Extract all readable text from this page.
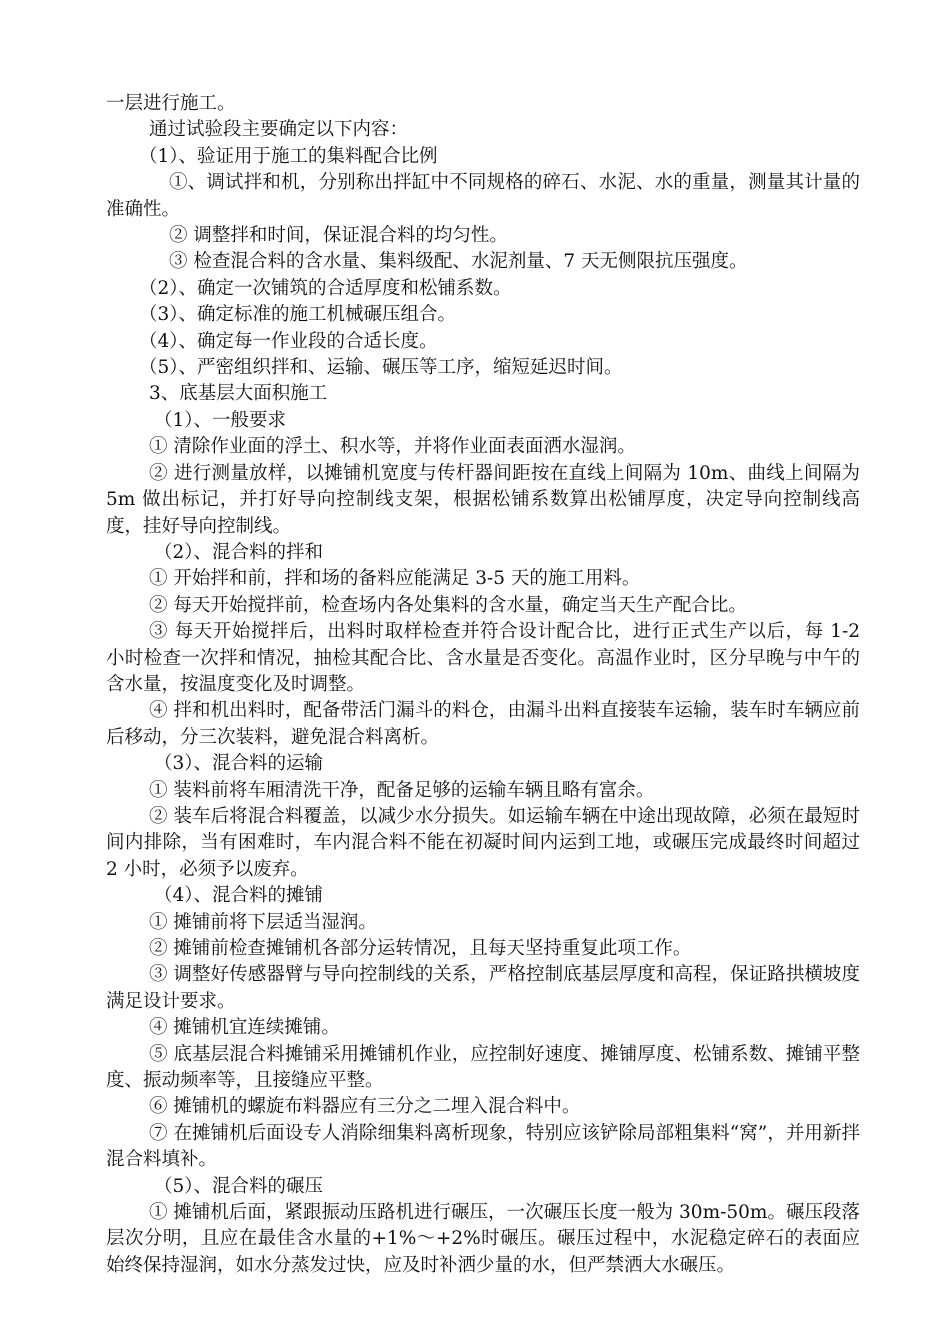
一层进行施工。

通过试验段主要确定以下内容：

（1）、验证用于施工的集料配合比例

①、调试拌和机，分别称出拌缸中不同规格的碎石、水泥、水的重量，测量其计量的准确性。

② 调整拌和时间，保证混合料的均匀性。

③ 检查混合料的含水量、集料级配、水泥剂量、7 天无侧限抗压强度。

（2）、确定一次铺筑的合适厚度和松铺系数。

（3）、确定标准的施工机械碾压组合。

（4）、确定每一作业段的合适长度。

（5）、严密组织拌和、运输、碾压等工序，缩短延迟时间。

3、底基层大面积施工

（1）、一般要求

① 清除作业面的浮土、积水等，并将作业面表面洒水湿润。

② 进行测量放样，以摊铺机宽度与传杆器间距按在直线上间隔为 10m、曲线上间隔为 5m 做出标记，并打好导向控制线支架，根据松铺系数算出松铺厚度，决定导向控制线高度，挂好导向控制线。

（2）、混合料的拌和

① 开始拌和前，拌和场的备料应能满足 3-5 天的施工用料。

② 每天开始搅拌前，检查场内各处集料的含水量，确定当天生产配合比。

③ 每天开始搅拌后，出料时取样检查并符合设计配合比，进行正式生产以后，每 1-2 小时检查一次拌和情况，抽检其配合比、含水量是否变化。高温作业时，区分早晚与中午的含水量，按温度变化及时调整。

④ 拌和机出料时，配备带活门漏斗的料仓，由漏斗出料直接装车运输，装车时车辆应前后移动，分三次装料，避免混合料离析。

（3）、混合料的运输

① 装料前将车厢清洗干净，配备足够的运输车辆且略有富余。

② 装车后将混合料覆盖，以减少水分损失。如运输车辆在中途出现故障，必须在最短时间内排除，当有困难时，车内混合料不能在初凝时间内运到工地，或碾压完成最终时间超过 2 小时，必须予以废弃。

（4）、混合料的摊铺

① 摊铺前将下层适当湿润。

② 摊铺前检查摊铺机各部分运转情况，且每天坚持重复此项工作。

③ 调整好传感器臂与导向控制线的关系，严格控制底基层厚度和高程，保证路拱横坡度满足设计要求。

④ 摊铺机宜连续摊铺。

⑤ 底基层混合料摊铺采用摊铺机作业，应控制好速度、摊铺厚度、松铺系数、摊铺平整度、振动频率等，且接缝应平整。

⑥ 摊铺机的螺旋布料器应有三分之二埋入混合料中。

⑦ 在摊铺机后面设专人消除细集料离析现象，特别应该铲除局部粗集料“窝”，并用新拌混合料填补。

（5）、混合料的碾压

① 摊铺机后面，紧跟振动压路机进行碾压，一次碾压长度一般为 30m-50m。碾压段落层次分明，且应在最佳含水量的+1%～+2%时碾压。碾压过程中，水泥稳定碎石的表面应始终保持湿润，如水分蒸发过快，应及时补洒少量的水，但严禁洒大水碾压。
